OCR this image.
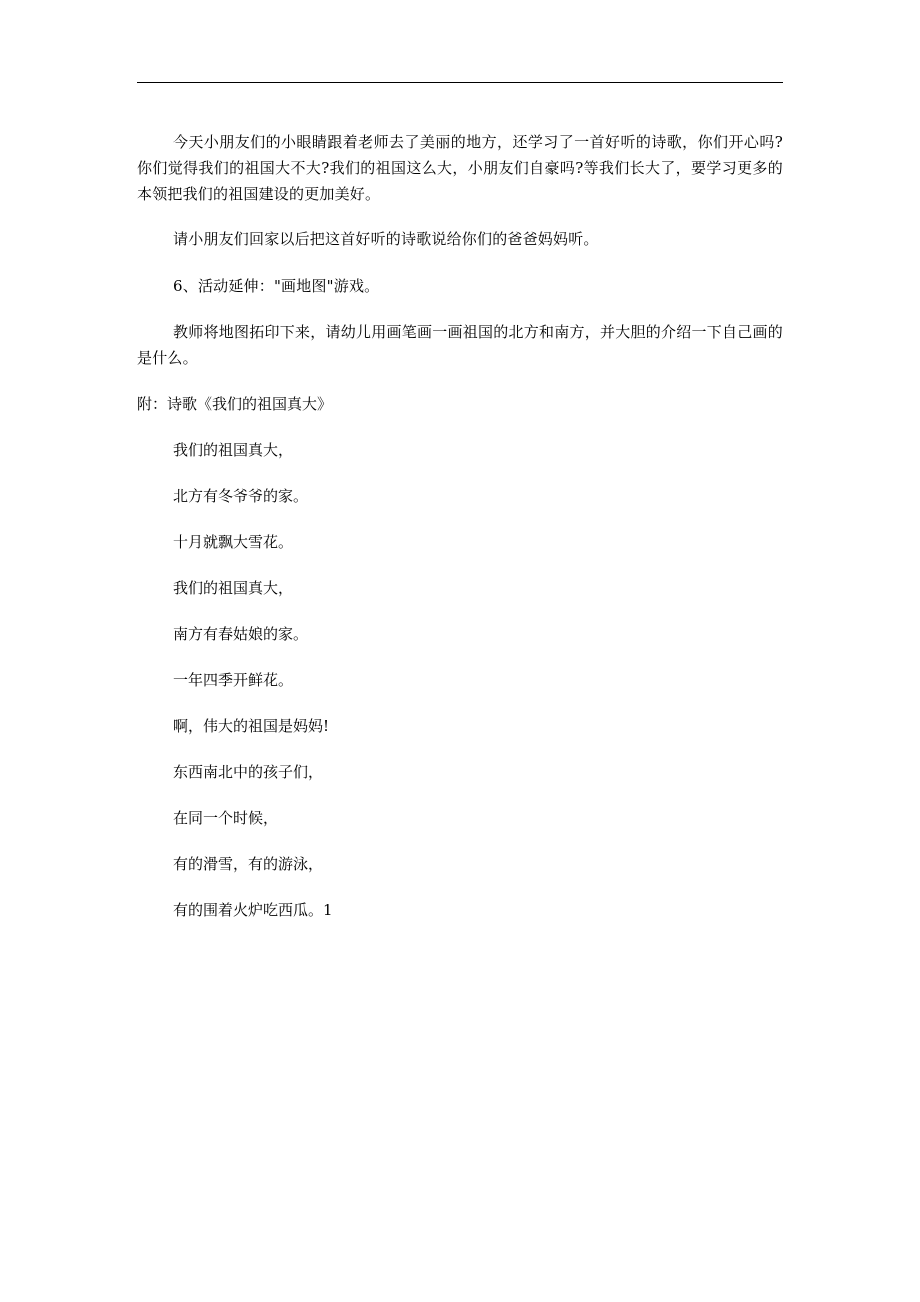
今天小朋友们的小眼睛跟着老师去了美丽的地方，还学习了一首好听的诗歌，你们开心吗?你们觉得我们的祖国大不大?我们的祖国这么大，小朋友们自豪吗?等我们长大了，要学习更多的本领把我们的祖国建设的更加美好。

请小朋友们回家以后把这首好听的诗歌说给你们的爸爸妈妈听。

6、活动延伸："画地图"游戏。

教师将地图拓印下来，请幼儿用画笔画一画祖国的北方和南方，并大胆的介绍一下自己画的是什么。

附：诗歌《我们的祖国真大》

我们的祖国真大，

北方有冬爷爷的家。

十月就飘大雪花。

我们的祖国真大，

南方有春姑娘的家。

一年四季开鲜花。

啊，伟大的祖国是妈妈!

东西南北中的孩子们，

在同一个时候，

有的滑雪，有的游泳，

有的围着火炉吃西瓜。1
